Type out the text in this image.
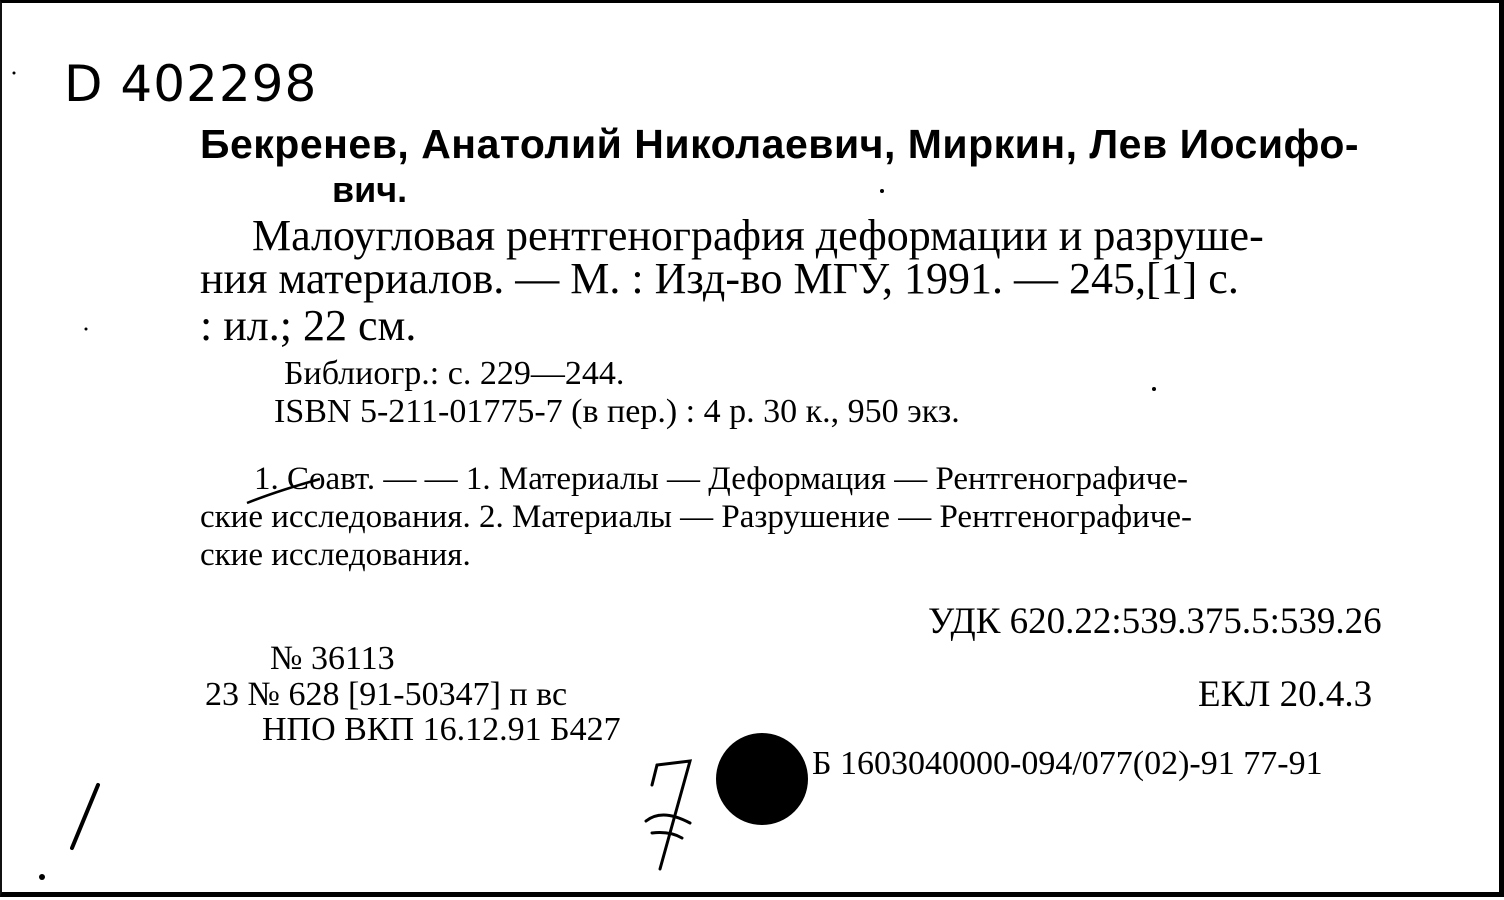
D 402298
Бекренев, Анатолий Николаевич, Миркин, Лев Иосифо-
вич.
Малоугловая рентгенография деформации и разруше-
ния материалов. — М. : Изд-во МГУ, 1991. — 245,[1] с.
: ил.; 22 см.
Библиогр.: с. 229—244.
ISBN 5-211-01775-7 (в пер.) : 4 р. 30 к., 950 экз.
1. Соавт. — — 1. Материалы — Деформация — Рентгенографиче-
ские исследования. 2. Материалы — Разрушение — Рентгенографиче-
ские исследования.
УДК 620.22:539.375.5:539.26
№ 36113
ЕКЛ 20.4.3
23 № 628 [91-50347] п вс
НПО ВКП 16.12.91 Б427
Б 1603040000-094/077(02)-91 77-91
